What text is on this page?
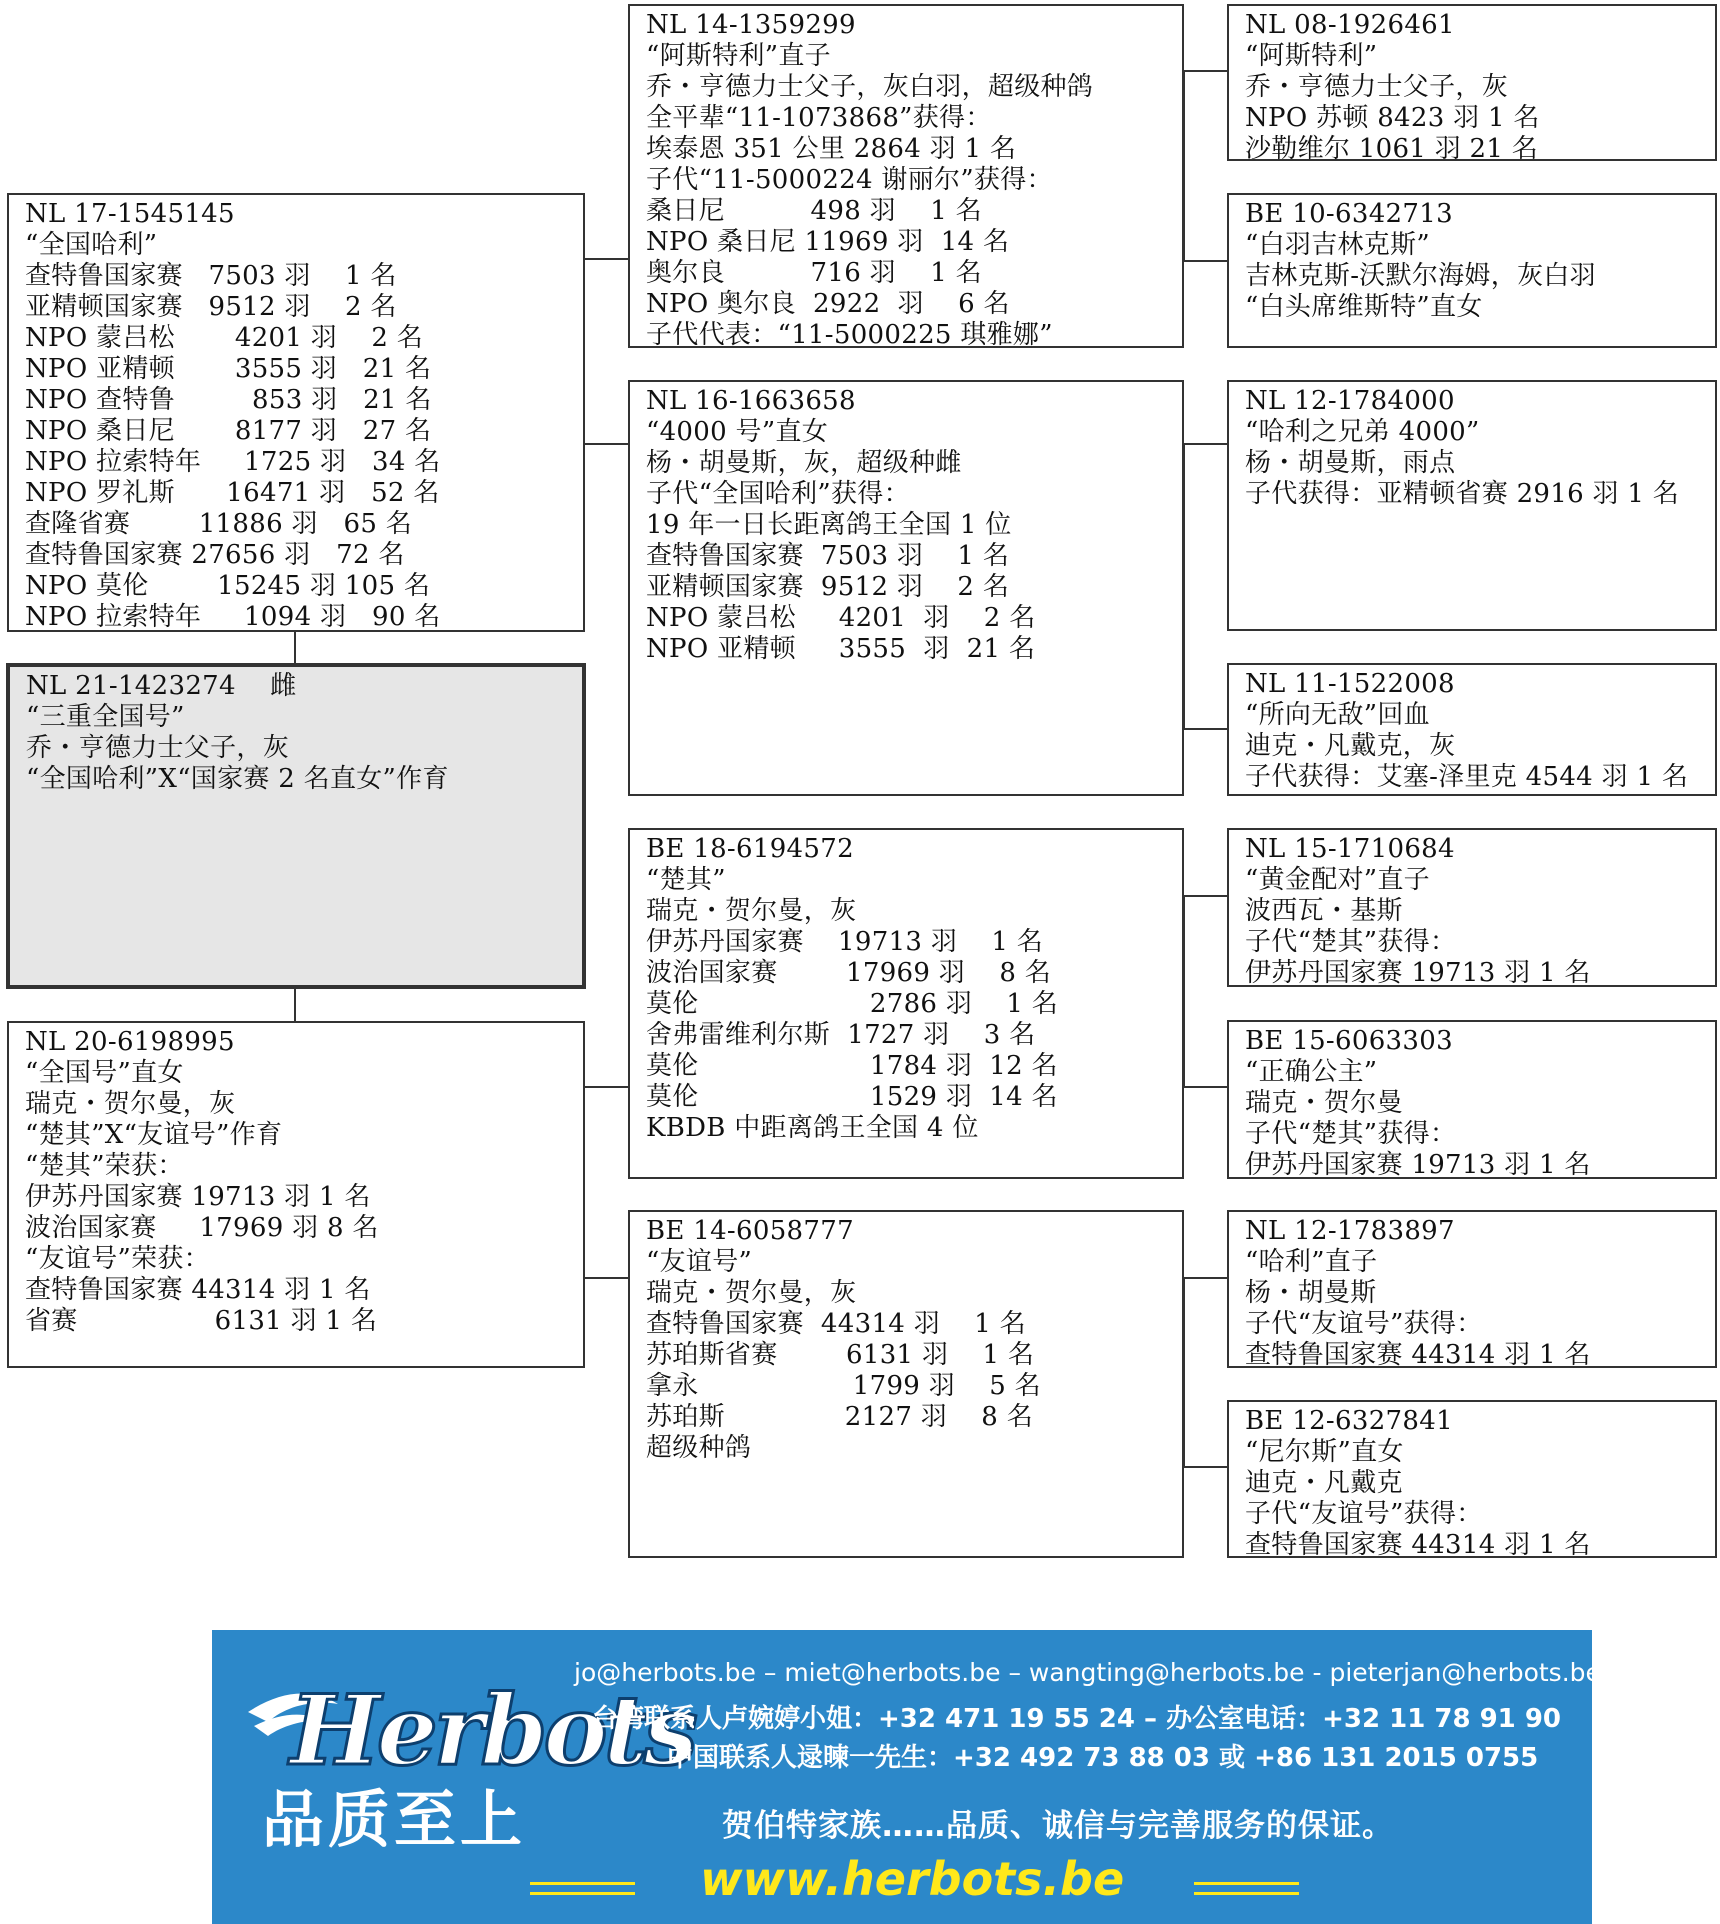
NL 17-1545145
“全国哈利”
查特鲁国家赛   7503 羽    1 名
亚精顿国家赛   9512 羽    2 名
NPO 蒙吕松       4201 羽    2 名
NPO 亚精顿       3555 羽   21 名
NPO 查特鲁         853 羽   21 名
NPO 桑日尼       8177 羽   27 名
NPO 拉索特年     1725 羽   34 名
NPO 罗礼斯      16471 羽   52 名
查隆省赛        11886 羽   65 名
查特鲁国家赛 27656 羽   72 名
NPO 莫伦        15245 羽 105 名
NPO 拉索特年     1094 羽   90 名
NL 21-1423274    雌
“三重全国号”
乔・亨德力士父子，灰
“全国哈利”X“国家赛 2 名直女”作育
NL 20-6198995
“全国号”直女
瑞克・贺尔曼，灰
“楚其”X“友谊号”作育
“楚其”荣获：
伊苏丹国家赛 19713 羽 1 名
波治国家赛     17969 羽 8 名
“友谊号”荣获：
查特鲁国家赛 44314 羽 1 名
省赛                6131 羽 1 名
NL 14-1359299
“阿斯特利”直子
乔・亨德力士父子，灰白羽，超级种鸽
全平辈“11-1073868”获得：
埃泰恩 351 公里 2864 羽 1 名
子代“11-5000224 谢丽尔”获得：
桑日尼          498 羽    1 名
NPO 桑日尼 11969 羽  14 名
奥尔良          716 羽    1 名
NPO 奥尔良  2922  羽    6 名
子代代表：“11-5000225 琪雅娜”
NL 16-1663658
“4000 号”直女
杨・胡曼斯，灰，超级种雌
子代“全国哈利”获得：
19 年一日长距离鸽王全国 1 位
查特鲁国家赛  7503 羽    1 名
亚精顿国家赛  9512 羽    2 名
NPO 蒙吕松     4201  羽    2 名
NPO 亚精顿     3555  羽  21 名
BE 18-6194572
“楚其”
瑞克・贺尔曼，灰
伊苏丹国家赛    19713 羽    1 名
波治国家赛        17969 羽    8 名
莫伦                    2786 羽    1 名
舍弗雷维利尔斯  1727 羽    3 名
莫伦                    1784 羽  12 名
莫伦                    1529 羽  14 名
KBDB 中距离鸽王全国 4 位
BE 14-6058777
“友谊号”
瑞克・贺尔曼，灰
查特鲁国家赛  44314 羽    1 名
苏珀斯省赛        6131 羽    1 名
拿永                  1799 羽    5 名
苏珀斯              2127 羽    8 名
超级种鸽
NL 08-1926461
“阿斯特利”
乔・亨德力士父子，灰
NPO 苏顿 8423 羽 1 名
沙勒维尔 1061 羽 21 名
BE 10-6342713
“白羽吉林克斯”
吉林克斯-沃默尔海姆，灰白羽
“白头席维斯特”直女
NL 12-1784000
“哈利之兄弟 4000”
杨・胡曼斯，雨点
子代获得：亚精顿省赛 2916 羽 1 名
NL 11-1522008
“所向无敌”回血
迪克・凡戴克，灰
子代获得：艾塞-泽里克 4544 羽 1 名
NL 15-1710684
“黄金配对”直子
波西瓦・基斯
子代“楚其”获得：
伊苏丹国家赛 19713 羽 1 名
BE 15-6063303
“正确公主”
瑞克・贺尔曼
子代“楚其”获得：
伊苏丹国家赛 19713 羽 1 名
NL 12-1783897
“哈利”直子
杨・胡曼斯
子代“友谊号”获得：
查特鲁国家赛 44314 羽 1 名
BE 12-6327841
“尼尔斯”直女
迪克・凡戴克
子代“友谊号”获得：
查特鲁国家赛 44314 羽 1 名
Herbots
品质至上
jo@herbots.be – miet@herbots.be – wangting@herbots.be - pieterjan@herbots.be
台湾联系人卢婉婷小姐：+32 471 19 55 24 – 办公室电话：+32 11 78 91 90
中国联系人逯暕一先生：+32 492 73 88 03 或 +86 131 2015 0755
贺伯特家族……品质、诚信与完善服务的保证。
www.herbots.be
